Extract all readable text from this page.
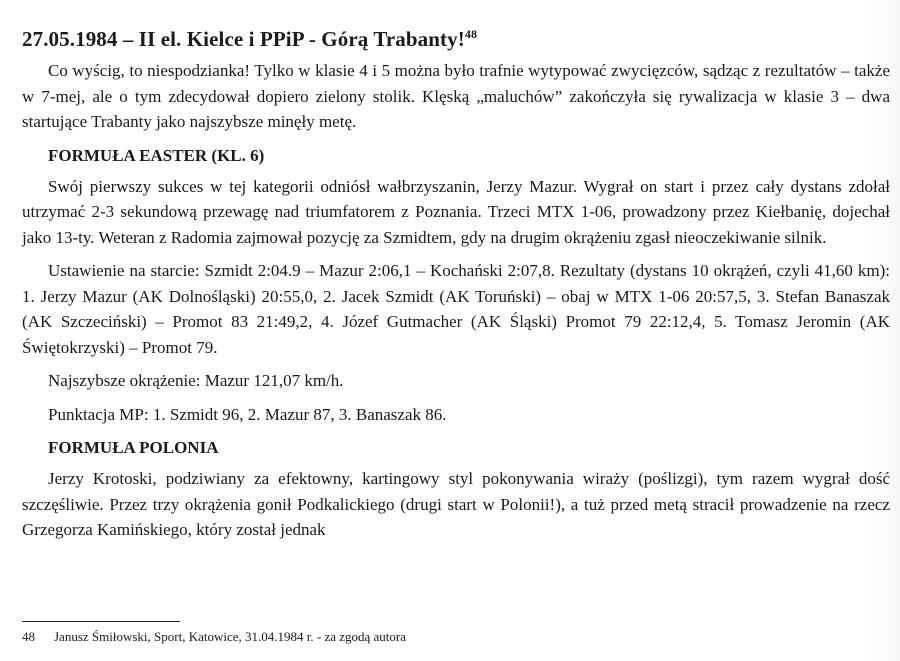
27.05.1984 – II el. Kielce i PPiP - Górą Trabanty!$^{48}$

Co wyścig, to niespodzianka! Tylko w klasie 4 i 5 można było trafnie wytypować zwycięzców, sądząc z rezultatów – także w 7-mej, ale o tym zdecydował dopiero zielony stolik. Klęską „maluchów” zakończyła się rywalizacja w klasie 3 – dwa startujące Trabanty jako najszybsze minęły metę.

FORMUŁA EASTER (KL. 6)

Swój pierwszy sukces w tej kategorii odniósł wałbrzyszanin, Jerzy Mazur. Wygrał on start i przez cały dystans zdołał utrzymać 2-3 sekundową przewagę nad triumfatorem z Poznania. Trzeci MTX 1-06, prowadzony przez Kiełbanię, dojechał jako 13-ty. Weteran z Radomia zajmował pozycję za Szmidtem, gdy na drugim okrążeniu zgasł nieoczekiwanie silnik.

Ustawienie na starcie: Szmidt 2:04.9 – Mazur 2:06,1 – Kochański 2:07,8. Rezultaty (dystans 10 okrążeń, czyli 41,60 km): 1. Jerzy Mazur (AK Dolnośląski) 20:55,0, 2. Jacek Szmidt (AK Toruński) – obaj w MTX 1-06 20:57,5, 3. Stefan Banaszak (AK Szczeciński) – Promot 83 21:49,2, 4. Józef Gutmacher (AK Śląski) Promot 79 22:12,4, 5. Tomasz Jeromin (AK Świętokrzyski) – Promot 79.

Najszybsze okrążenie: Mazur 121,07 km/h.

Punktacja MP: 1. Szmidt 96, 2. Mazur 87, 3. Banaszak 86.

FORMUŁA POLONIA

Jerzy Krotoski, podziwiany za efektowny, kartingowy styl pokonywania wiraży (poślizgi), tym razem wygrał dość szczęśliwie. Przez trzy okrążenia gonił Podkalickiego (drugi start w Polonii!), a tuż przed metą stracił prowadzenie na rzecz Grzegorza Kamińskiego, który został jednak

48 Janusz Śmiłowski, Sport, Katowice, 31.04.1984 r. - za zgodą autora
